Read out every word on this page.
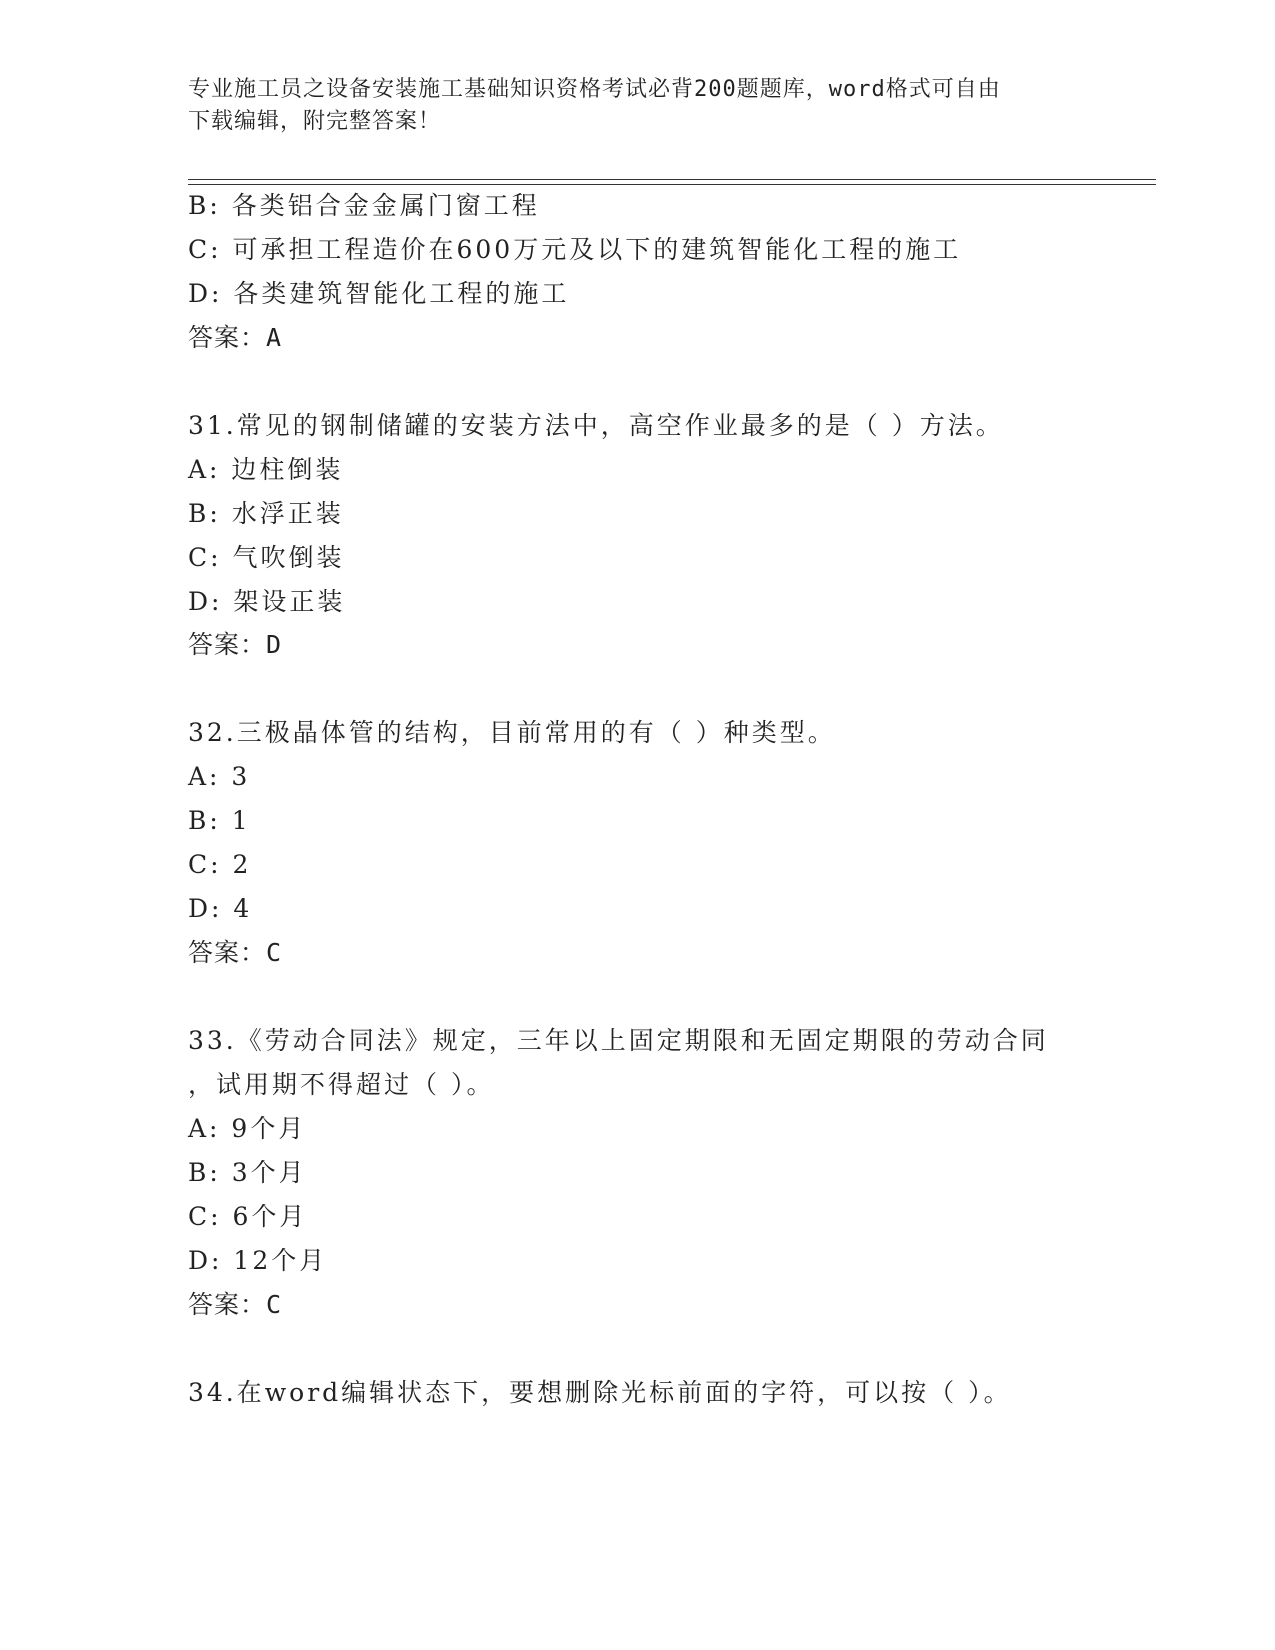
专业施工员之设备安装施工基础知识资格考试必背200题题库，word格式可自由
下载编辑，附完整答案！
B: 各类铝合金金属门窗工程
C: 可承担工程造价在600万元及以下的建筑智能化工程的施工
D: 各类建筑智能化工程的施工
答案：A
31.常见的钢制储罐的安装方法中，高空作业最多的是（ ）方法。
A: 边柱倒装
B: 水浮正装
C: 气吹倒装
D: 架设正装
答案：D
32.三极晶体管的结构，目前常用的有（ ）种类型。
A: 3
B: 1
C: 2
D: 4
答案：C
33.《劳动合同法》规定，三年以上固定期限和无固定期限的劳动合同
，试用期不得超过（ ）。
A: 9个月
B: 3个月
C: 6个月
D: 12个月
答案：C
34.在word编辑状态下，要想删除光标前面的字符，可以按（ ）。
